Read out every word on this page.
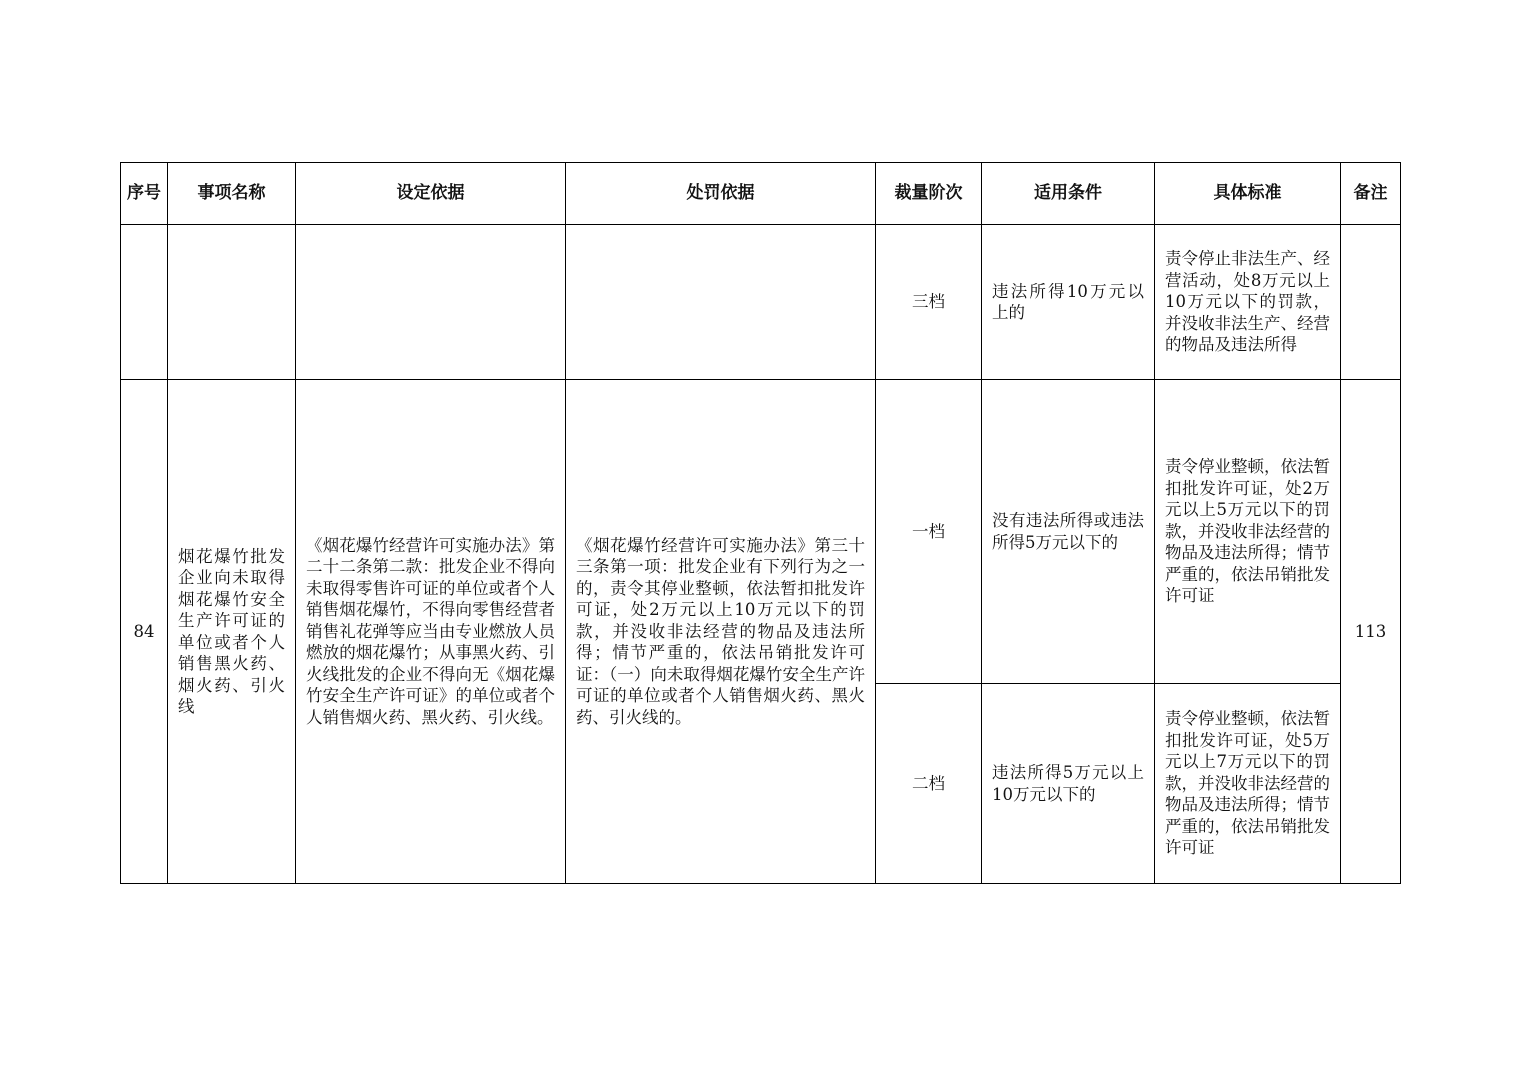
序号	事项名称	设定依据	处罚依据	裁量阶次	适用条件	具体标准	备注
				三档	违法所得10万元以上的	责令停止非法生产、经营活动，处8万元以上10万元以下的罚款，并没收非法生产、经营的物品及违法所得	
84	烟花爆竹批发企业向未取得烟花爆竹安全生产许可证的单位或者个人销售黑火药、烟火药、引火线	《烟花爆竹经营许可实施办法》第二十二条第二款：批发企业不得向未取得零售许可证的单位或者个人销售烟花爆竹，不得向零售经营者销售礼花弹等应当由专业燃放人员燃放的烟花爆竹；从事黑火药、引火线批发的企业不得向无《烟花爆竹安全生产许可证》的单位或者个人销售烟火药、黑火药、引火线。	《烟花爆竹经营许可实施办法》第三十三条第一项：批发企业有下列行为之一的，责令其停业整顿，依法暂扣批发许可证，处2万元以上10万元以下的罚款，并没收非法经营的物品及违法所得；情节严重的，依法吊销批发许可证：（一）向未取得烟花爆竹安全生产许可证的单位或者个人销售烟火药、黑火药、引火线的。	一档	没有违法所得或违法所得5万元以下的	责令停业整顿，依法暂扣批发许可证，处2万元以上5万元以下的罚款，并没收非法经营的物品及违法所得；情节严重的，依法吊销批发许可证	113
				二档	违法所得5万元以上10万元以下的	责令停业整顿，依法暂扣批发许可证，处5万元以上7万元以下的罚款，并没收非法经营的物品及违法所得；情节严重的，依法吊销批发许可证	
